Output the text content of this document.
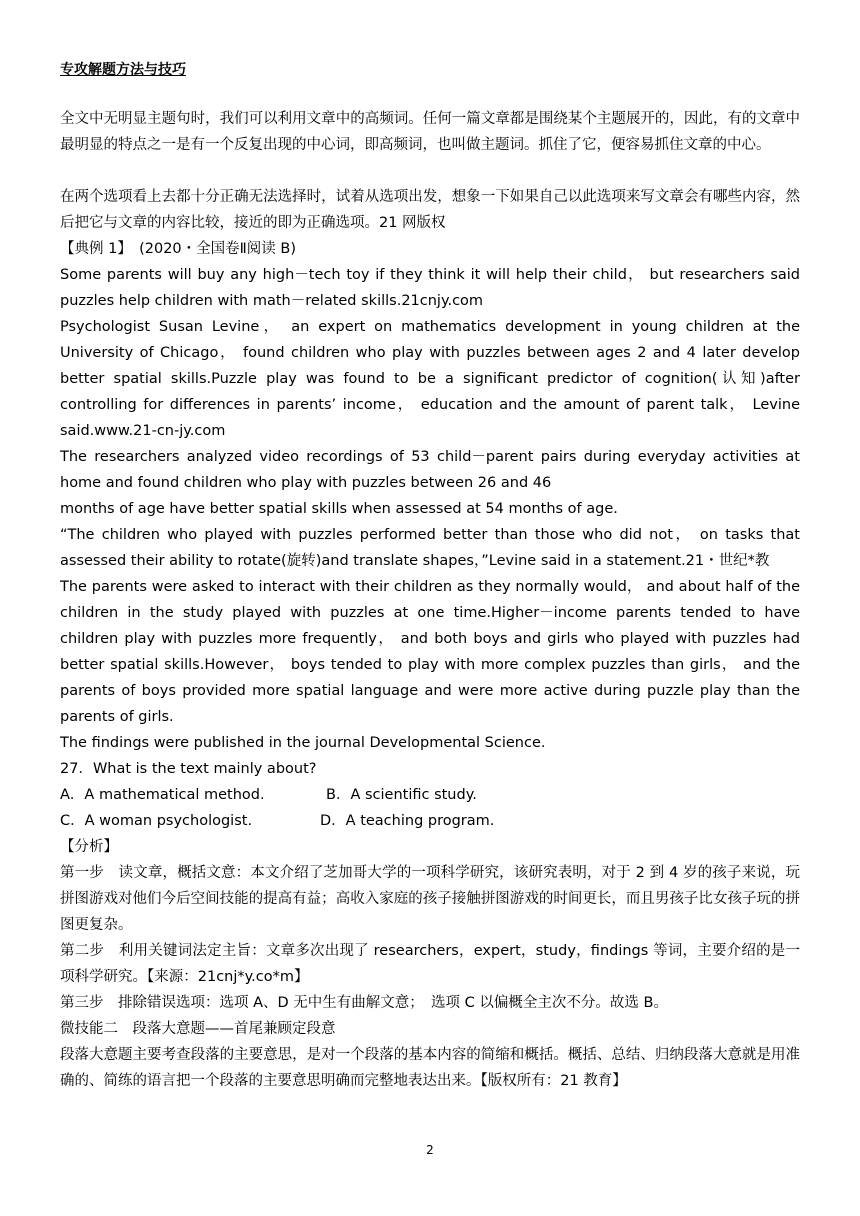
专攻解题方法与技巧

全文中无明显主题句时，我们可以利用文章中的高频词。任何一篇文章都是围绕某个主题展开的，因此，有的文章中最明显的特点之一是有一个反复出现的中心词，即高频词，也叫做主题词。抓住了它，便容易抓住文章的中心。

在两个选项看上去都十分正确无法选择时，试着从选项出发，想象一下如果自己以此选项来写文章会有哪些内容，然后把它与文章的内容比较，接近的即为正确选项。21 网版权

【典例 1】　(2020・全国卷Ⅱ阅读 B)

Some parents will buy any high－tech toy if they think it will help their child， but researchers said puzzles help children with math－related skills.21cnjy.com

Psychologist Susan Levine， an expert on mathematics development in young children at the University of Chicago， found children who play with puzzles between ages 2 and 4 later develop better spatial skills.Puzzle play was found to be a significant predictor of cognition(认知)after controlling for differences in parents’ income， education and the amount of parent talk， Levine said.www.21-cn-jy.com

The researchers analyzed video recordings of 53 child－parent pairs during everyday activities at home and found children who play with puzzles between 26 and 46

months of age have better spatial skills when assessed at 54 months of age.

“The children who played with puzzles performed better than those who did not， on tasks that assessed their ability to rotate(旋转)and translate shapes，”Levine said in a statement.21・世纪*教

The parents were asked to interact with their children as they normally would， and about half of the children in the study played with puzzles at one time.Higher－income parents tended to have children play with puzzles more frequently， and both boys and girls who played with puzzles had better spatial skills.However， boys tended to play with more complex puzzles than girls， and the parents of boys provided more spatial language and were more active during puzzle play than the parents of girls.

The findings were published in the journal Developmental Science.

27．What is the text mainly about?

A．A mathematical method.	B．A scientific study.
C．A woman psychologist.	D．A teaching program.

【分析】

第一步　读文章，概括文意：本文介绍了芝加哥大学的一项科学研究，该研究表明，对于 2 到 4 岁的孩子来说，玩拼图游戏对他们今后空间技能的提高有益；高收入家庭的孩子接触拼图游戏的时间更长，而且男孩子比女孩子玩的拼图更复杂。

第二步　利用关键词法定主旨：文章多次出现了 researchers，expert，study，findings 等词，主要介绍的是一项科学研究。【来源：21cnj*y.co*m】

第三步　排除错误选项：选项 A、D 无中生有曲解文意；　选项 C 以偏概全主次不分。故选 B。

微技能二　段落大意题——首尾兼顾定段意

段落大意题主要考查段落的主要意思，是对一个段落的基本内容的简缩和概括。概括、总结、归纳段落大意就是用准确的、简练的语言把一个段落的主要意思明确而完整地表达出来。【版权所有：21 教育】

2
